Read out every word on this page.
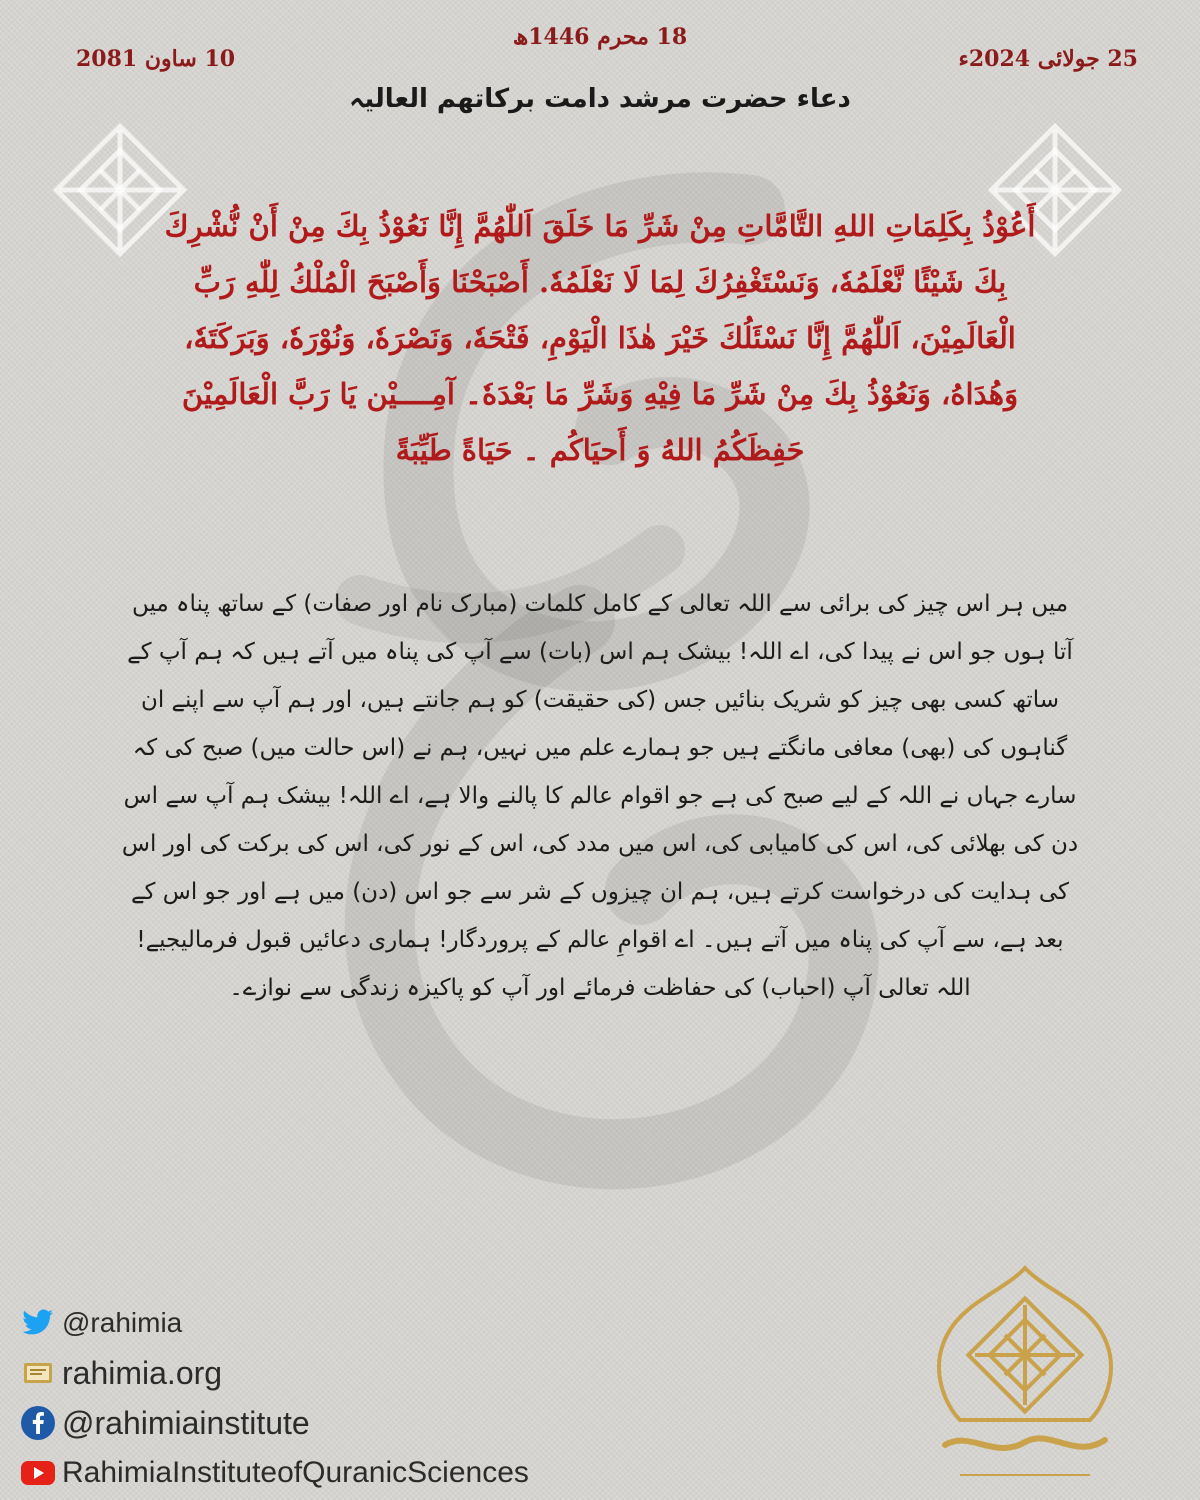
18 محرم 1446ھ
25 جولائی 2024ء
10 ساون 2081
دعاء حضرت مرشد دامت برکاتھم العالیہ
أَعُوْذُ بِكَلِمَاتِ اللهِ التَّامَّاتِ مِنْ شَرِّ مَا خَلَقَ اَللّٰهُمَّ إِنَّا نَعُوْذُ بِكَ مِنْ أَنْ نُّشْرِكَ بِكَ شَيْئًا نَّعْلَمُهٗ، وَنَسْتَغْفِرُكَ لِمَا لَا نَعْلَمُهٗ. أَصْبَحْنَا وَأَصْبَحَ الْمُلْكُ لِلّٰهِ رَبِّ الْعَالَمِيْنَ، اَللّٰهُمَّ إِنَّا نَسْئَلُكَ خَيْرَ هٰذَا الْيَوْمِ، فَتْحَهٗ، وَنَصْرَهٗ، وَنُوْرَهٗ، وَبَرَكَتَهٗ، وَهُدَاهُ، وَنَعُوْذُ بِكَ مِنْ شَرِّ مَا فِيْهِ وَشَرِّ مَا بَعْدَهٗ۔ آمِــــيْن يَا رَبَّ الْعَالَمِيْنَ حَفِظَكُمُ اللهُ وَ أَحيَاكُم ۔ حَيَاةً طَيِّبَةً
میں ہر اس چیز کی برائی سے اللہ تعالی کے کامل کلمات (مبارک نام اور صفات) کے ساتھ پناہ میں آتا ہوں جو اس نے پیدا کی، اے اللہ! بیشک ہم اس (بات) سے آپ کی پناہ میں آتے ہیں کہ ہم آپ کے ساتھ کسی بھی چیز کو شریک بنائیں جس (کی حقیقت) کو ہم جانتے ہیں، اور ہم آپ سے اپنے ان گناہوں کی (بھی) معافی مانگتے ہیں جو ہمارے علم میں نہیں، ہم نے (اس حالت میں) صبح کی کہ سارے جہاں نے اللہ کے لیے صبح کی ہے جو اقوام عالم کا پالنے والا ہے، اے اللہ! بیشک ہم آپ سے اس دن کی بھلائی کی، اس کی کامیابی کی، اس میں مدد کی، اس کے نور کی، اس کی برکت کی اور اس کی ہدایت کی درخواست کرتے ہیں، ہم ان چیزوں کے شر سے جو اس (دن) میں ہے اور جو اس کے بعد ہے، سے آپ کی پناہ میں آتے ہیں۔ اے اقوامِ عالم کے پروردگار! ہماری دعائیں قبول فرمالیجیے! اللہ تعالی آپ (احباب) کی حفاظت فرمائے اور آپ کو پاکیزہ زندگی سے نوازے۔
@rahimia
rahimia.org
@rahimiainstitute
RahimiaInstituteofQuranicSciences
